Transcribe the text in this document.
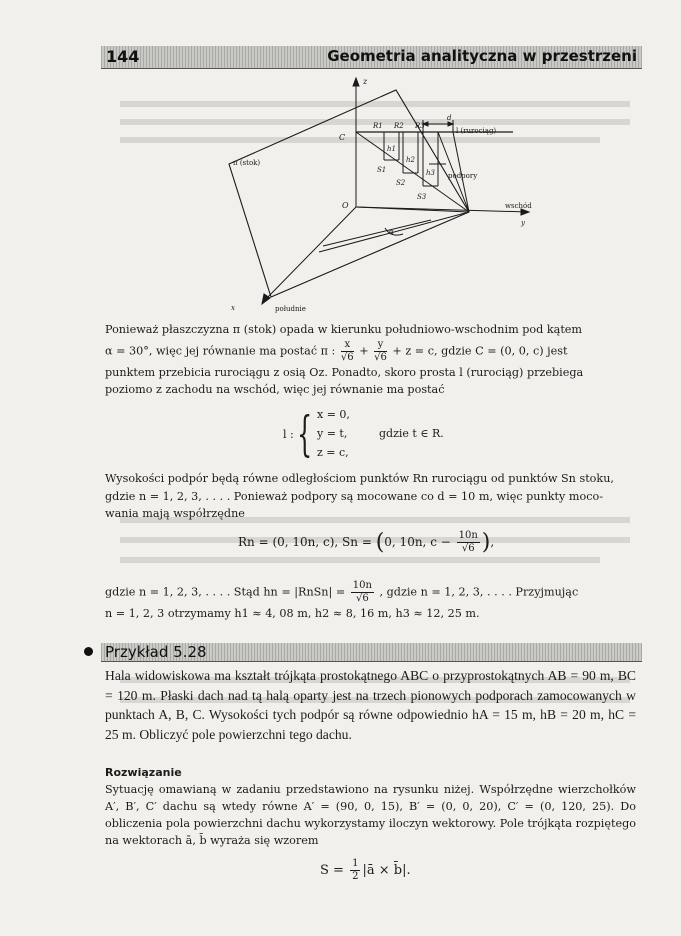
144	Geometria analityczna w przestrzeni
z
C
O
R1 R2 R3
d
l (rurociąg)
π (stok)
h1
h2
h3
S1
S2
S3
podpory
wschód
y
α
x	południe

Ponieważ płaszczyzna π (stok) opada w kierunku południowo-wschodnim pod kątem
α = 30°, więc jej równanie ma postać π : $\frac{x}{√6} + \frac{y}{√6} + z = c$, gdzie C = (0, 0, c) jest
punktem przebicia rurociągu z osią Oz. Ponadto, skoro prosta l (rurociąg) przebiega
poziomo z zachodu na wschód, więc jej równanie ma postać

l : { x = 0,
y = t,
z = c,
gdzie t ∈ R.

Wysokości podpór będą równe odległościom punktów Rn rurociągu od punktów Sn stoku,
gdzie n = 1, 2, 3, . . . . Ponieważ podpory są mocowane co d = 10 m, więc punkty moco-
wania mają współrzędne

Rn = (0, 10n, c), Sn = (0, 10n, $c - \frac{10n}{√6}$ ),

gdzie n = 1, 2, 3, . . . . Stąd hn = |RnSn| = $\frac{10n}{√6}$ , gdzie n = 1, 2, 3, . . . . Przyjmując
n = 1, 2, 3 otrzymamy h1 ≈ 4, 08 m, h2 ≈ 8, 16 m, h3 ≈ 12, 25 m.

Przykład 5.28

Hala widowiskowa ma kształt trójkąta prostokątnego ABC o przyprostokątnych AB = 90 m, BC = 120 m. Płaski dach nad tą halą oparty jest na trzech pionowych podporach zamocowanych w punktach A, B, C. Wysokości tych podpór są równe odpowiednio hA = 15 m, hB = 20 m, hC = 25 m. Obliczyć pole powierzchni tego dachu.

Rozwiązanie

Sytuację omawianą w zadaniu przedstawiono na rysunku niżej. Współrzędne wierzchołków A′, B′, C′ dachu są wtedy równe A′ = (90, 0, 15), B′ = (0, 0, 20), C′ = (0, 120, 25). Do obliczenia pola powierzchni dachu wykorzystamy iloczyn wektorowy. Pole trójkąta rozpiętego na wektorach ā, b̄ wyraża się wzorem

$S = \frac{1}{2}$ |ā × b̄|.
